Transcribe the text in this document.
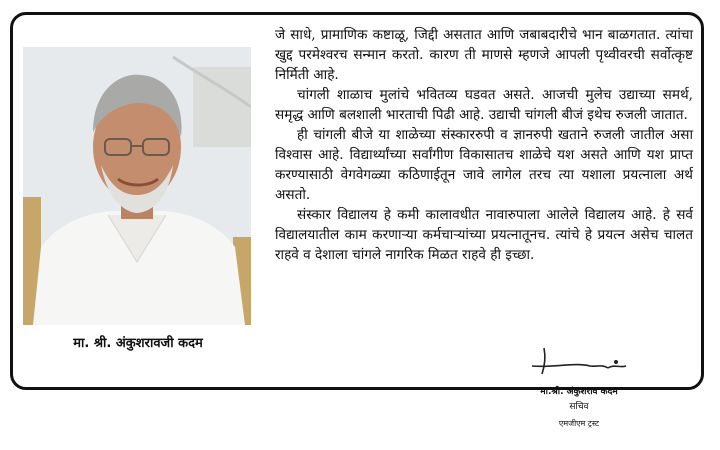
मा. श्री. अंकुशरावजी कदम

जे साधे, प्रामाणिक कष्टाळू, जिद्दी असतात आणि जबाबदारीचे भान बाळगतात. त्यांचा खुद्द परमेश्वरच सन्मान करतो. कारण ती माणसे म्हणजे आपली पृथ्वीवरची सर्वोत्कृष्ट निर्मिती आहे.

चांगली शाळाच मुलांचे भवितव्य घडवत असते. आजची मुलेच उद्याच्या समर्थ, समृद्ध आणि बलशाली भारताची पिढी आहे. उद्याची चांगली बीजं इथेच रुजली जातात.

ही चांगली बीजे या शाळेच्या संस्काररुपी व ज्ञानरुपी खताने रुजली जातील असा विश्वास आहे. विद्यार्थ्यांच्या सर्वांगीण विकासातच शाळेचे यश असते आणि यश प्राप्त करण्यासाठी वेगवेगळ्या कठिणाईतून जावे लागेल तरच त्या यशाला प्रयत्नाला अर्थ असतो.

संस्कार विद्यालय हे कमी कालावधीत नावारुपाला आलेले विद्यालय आहे. हे सर्व विद्यालयातील काम करणाऱ्या कर्मचाऱ्यांच्या प्रयत्नातूनच. त्यांचे हे प्रयत्न असेच चालत राहवे व देशाला चांगले नागरिक मिळत राहवे ही इच्छा.

मा.श्री. अंकुशराव कदम
सचिव
एमजीएम ट्रस्ट
